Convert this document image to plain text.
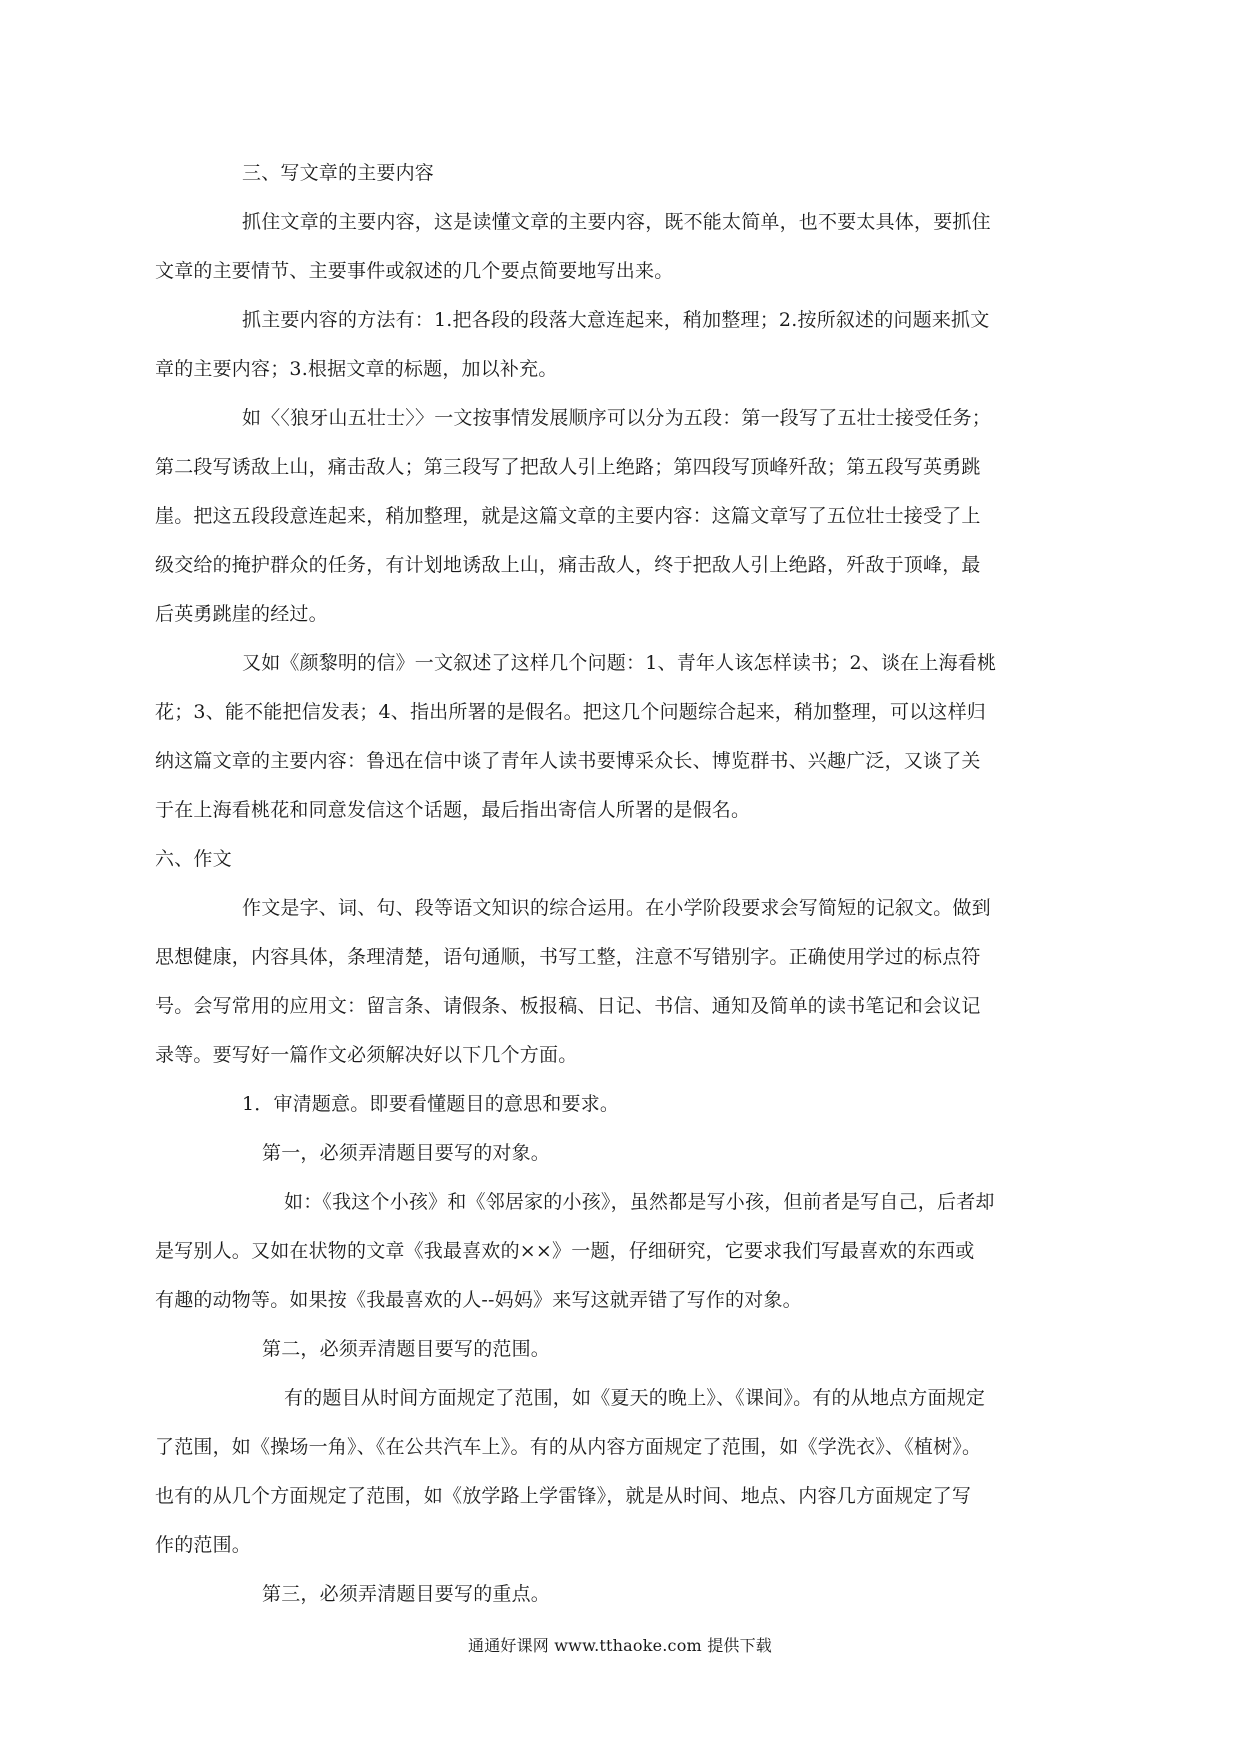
三、写文章的主要内容
抓住文章的主要内容，这是读懂文章的主要内容，既不能太简单，也不要太具体，要抓住
文章的主要情节、主要事件或叙述的几个要点简要地写出来。
抓主要内容的方法有：1.把各段的段落大意连起来，稍加整理；2.按所叙述的问题来抓文
章的主要内容；3.根据文章的标题，加以补充。
如〈〈狼牙山五壮士〉〉一文按事情发展顺序可以分为五段：第一段写了五壮士接受任务；
第二段写诱敌上山，痛击敌人；第三段写了把敌人引上绝路；第四段写顶峰歼敌；第五段写英勇跳
崖。把这五段段意连起来，稍加整理，就是这篇文章的主要内容：这篇文章写了五位壮士接受了上
级交给的掩护群众的任务，有计划地诱敌上山，痛击敌人，终于把敌人引上绝路，歼敌于顶峰，最
后英勇跳崖的经过。
又如《颜黎明的信》一文叙述了这样几个问题：1、青年人该怎样读书；2、谈在上海看桃
花；3、能不能把信发表；4、指出所署的是假名。把这几个问题综合起来，稍加整理，可以这样归
纳这篇文章的主要内容：鲁迅在信中谈了青年人读书要博采众长、博览群书、兴趣广泛，又谈了关
于在上海看桃花和同意发信这个话题，最后指出寄信人所署的是假名。
六、作文
作文是字、词、句、段等语文知识的综合运用。在小学阶段要求会写简短的记叙文。做到
思想健康，内容具体，条理清楚，语句通顺，书写工整，注意不写错别字。正确使用学过的标点符
号。会写常用的应用文：留言条、请假条、板报稿、日记、书信、通知及简单的读书笔记和会议记
录等。要写好一篇作文必须解决好以下几个方面。
1．审清题意。即要看懂题目的意思和要求。
第一，必须弄清题目要写的对象。
如：《我这个小孩》和《邻居家的小孩》，虽然都是写小孩，但前者是写自己，后者却
是写别人。又如在状物的文章《我最喜欢的××》一题，仔细研究，它要求我们写最喜欢的东西或
有趣的动物等。如果按《我最喜欢的人--妈妈》来写这就弄错了写作的对象。
第二，必须弄清题目要写的范围。
有的题目从时间方面规定了范围，如《夏天的晚上》、《课间》。有的从地点方面规定
了范围，如《操场一角》、《在公共汽车上》。有的从内容方面规定了范围，如《学洗衣》、《植树》。
也有的从几个方面规定了范围，如《放学路上学雷锋》，就是从时间、地点、内容几方面规定了写
作的范围。
第三，必须弄清题目要写的重点。
通通好课网 www.tthaoke.com 提供下载
